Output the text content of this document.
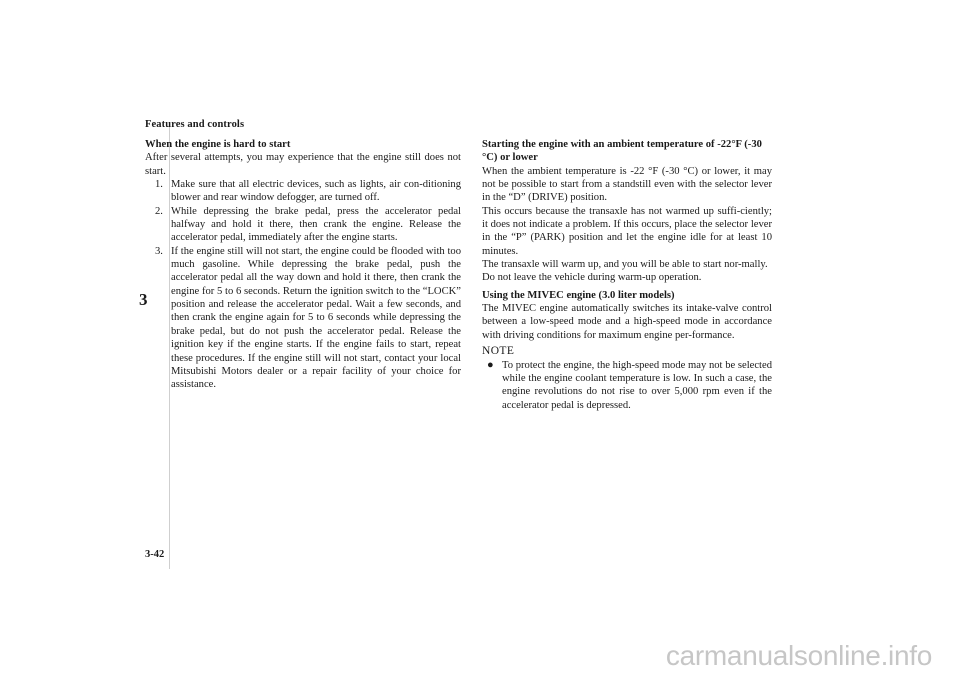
Features and controls
3
When the engine is hard to start
After several attempts, you may experience that the engine still does not start.
1. Make sure that all electric devices, such as lights, air con-ditioning blower and rear window defogger, are turned off.
2. While depressing the brake pedal, press the accelerator pedal halfway and hold it there, then crank the engine. Release the accelerator pedal, immediately after the engine starts.
3. If the engine still will not start, the engine could be flooded with too much gasoline. While depressing the brake pedal, push the accelerator pedal all the way down and hold it there, then crank the engine for 5 to 6 seconds. Return the ignition switch to the “LOCK” position and release the accelerator pedal. Wait a few seconds, and then crank the engine again for 5 to 6 seconds while depressing the brake pedal, but do not push the accelerator pedal. Release the ignition key if the engine starts. If the engine fails to start, repeat these procedures. If the engine still will not start, contact your local Mitsubishi Motors dealer or a repair facility of your choice for assistance.
Starting the engine with an ambient temperature of -22°F (-30 °C) or lower
When the ambient temperature is -22 °F (-30 °C) or lower, it may not be possible to start from a standstill even with the selector lever in the “D” (DRIVE) position.
This occurs because the transaxle has not warmed up suffi-ciently; it does not indicate a problem. If this occurs, place the selector lever in the “P” (PARK) position and let the engine idle for at least 10 minutes.
The transaxle will warm up, and you will be able to start nor-mally.
Do not leave the vehicle during warm-up operation.
Using the MIVEC engine (3.0 liter models)
The MIVEC engine automatically switches its intake-valve control between a low-speed mode and a high-speed mode in accordance with driving conditions for maximum engine per-formance.
NOTE
● To protect the engine, the high-speed mode may not be selected while the engine coolant temperature is low. In such a case, the engine revolutions do not rise to over 5,000 rpm even if the accelerator pedal is depressed.
3-42
carmanualsonline.info
